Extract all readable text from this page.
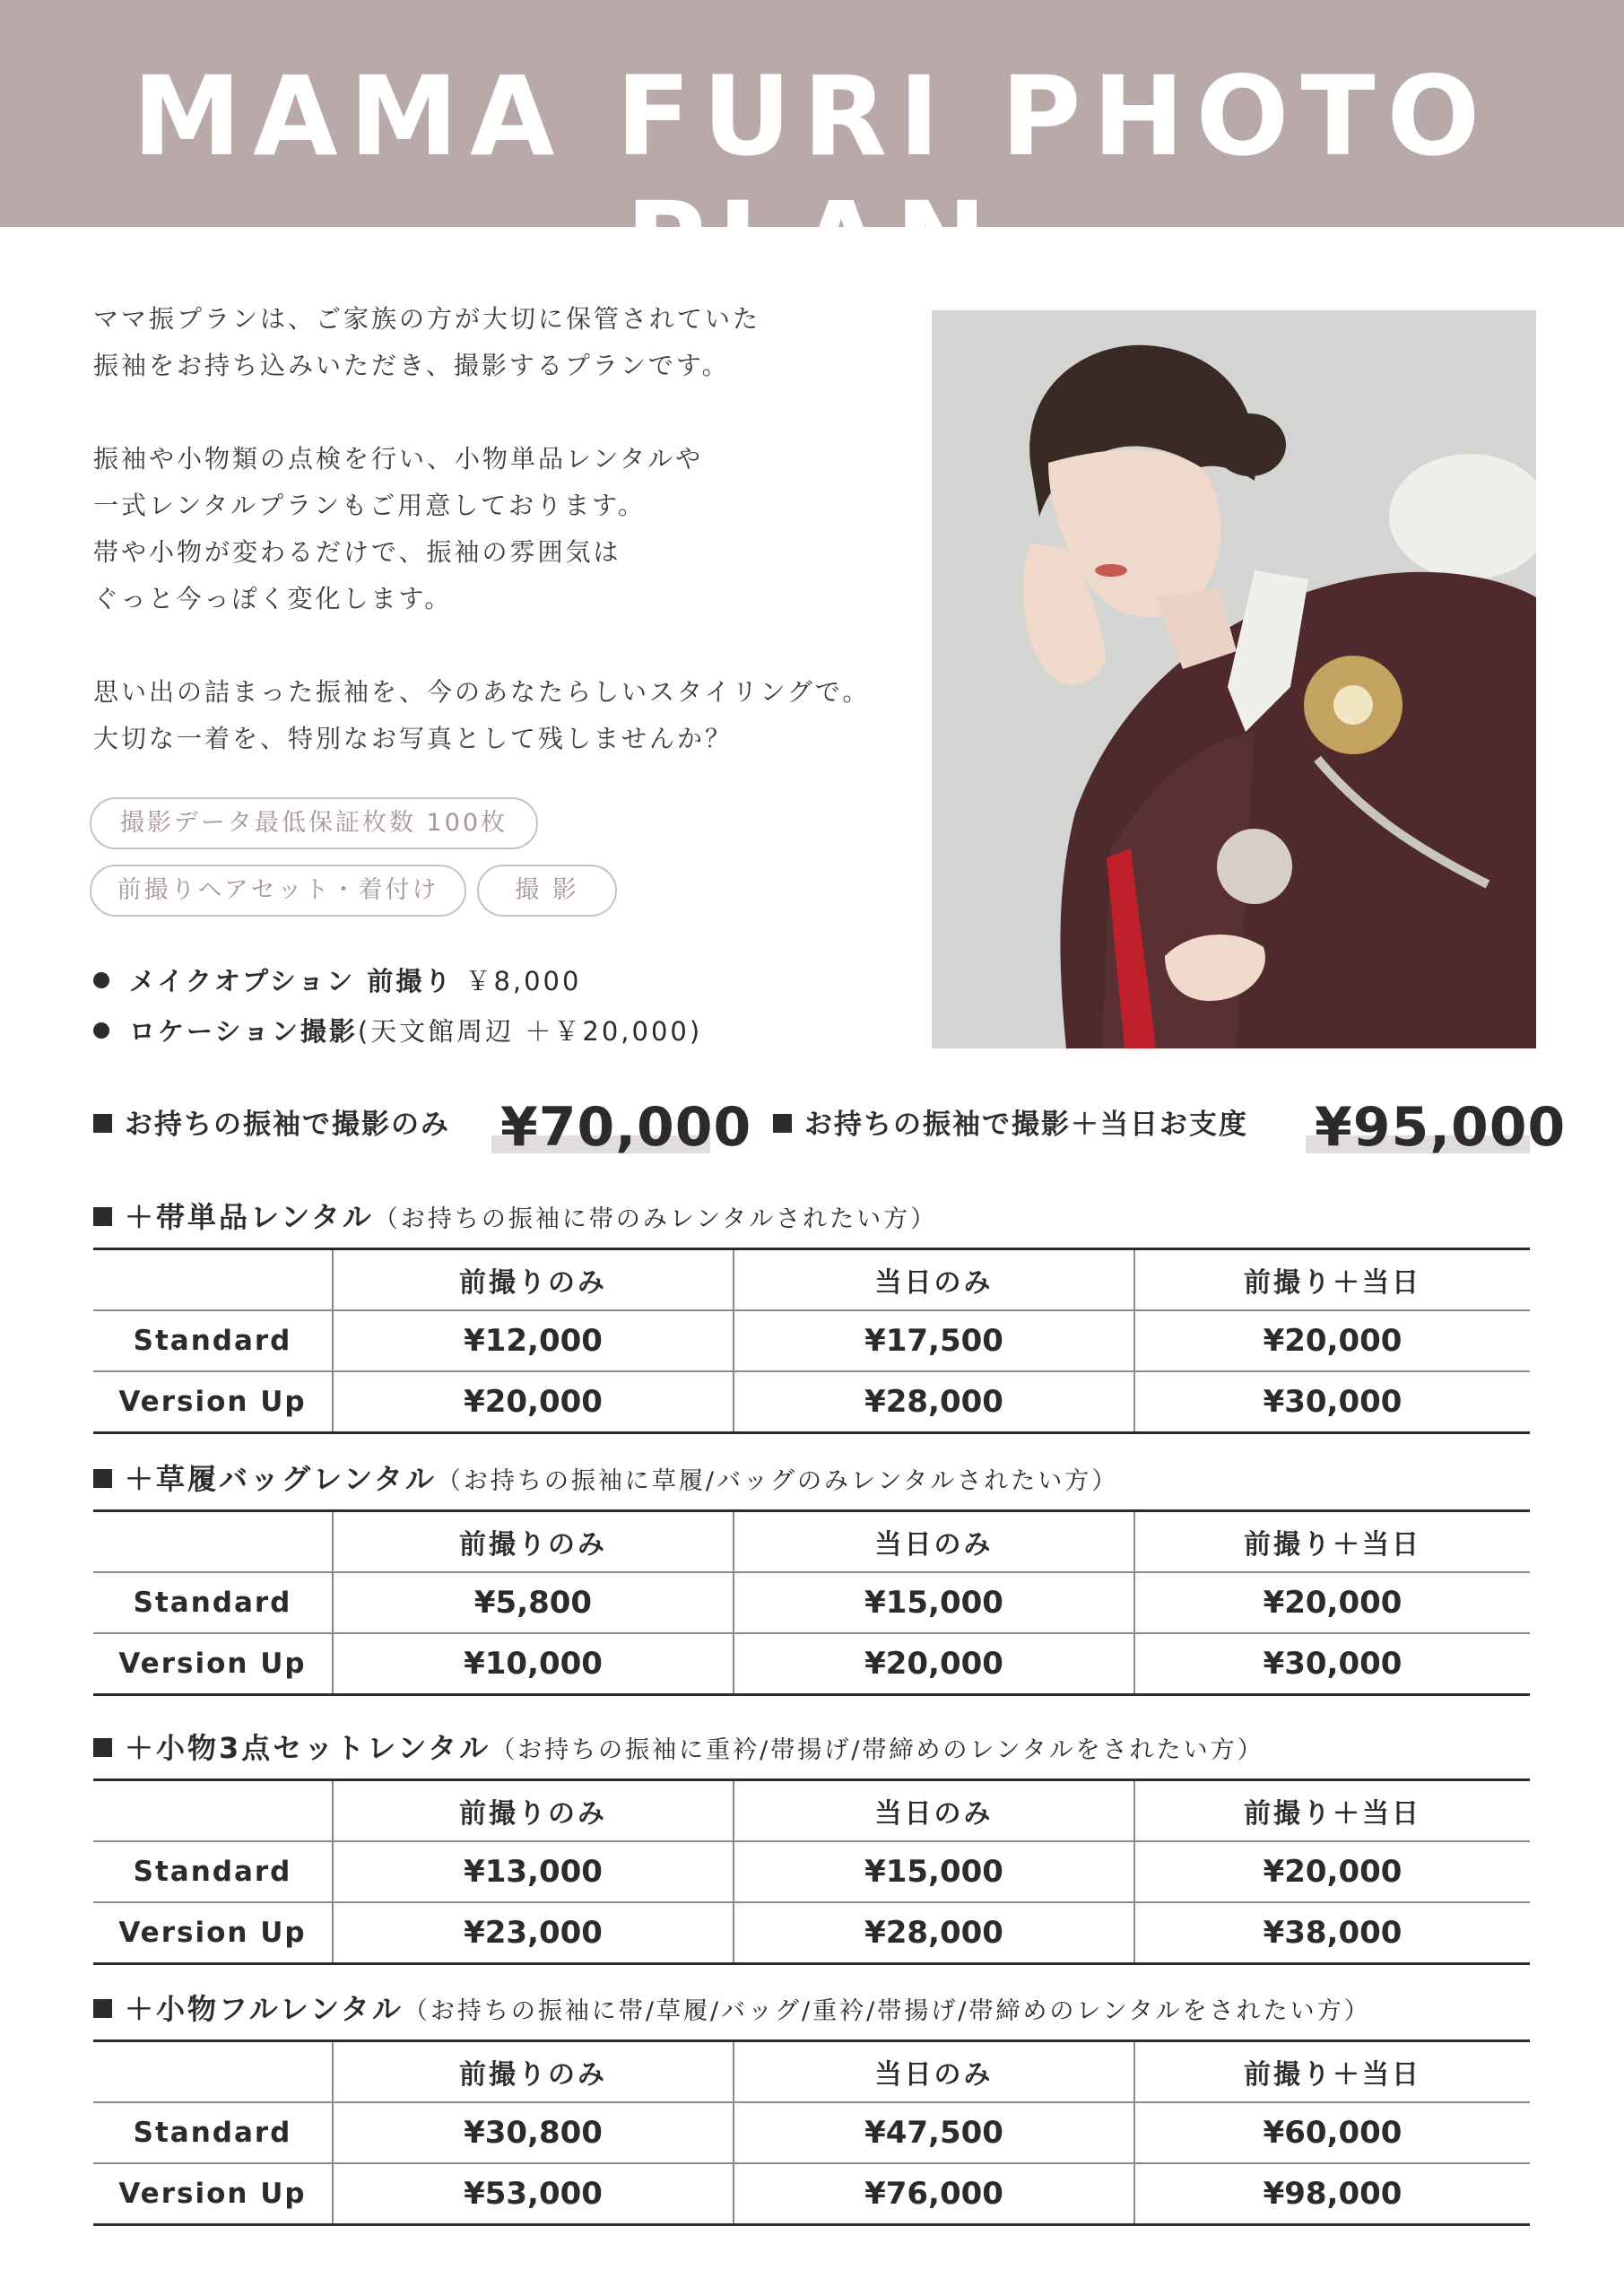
MAMA FURI PHOTO PLAN

ママ振プランは、ご家族の方が大切に保管されていた

振袖をお持ち込みいただき、撮影するプランです。

振袖や小物類の点検を行い、小物単品レンタルや

一式レンタルプランもご用意しております。

帯や小物が変わるだけで、振袖の雰囲気は

ぐっと今っぽく変化します。

思い出の詰まった振袖を、今のあなたらしいスタイリングで。

大切な一着を、特別なお写真として残しませんか？

撮影データ最低保証枚数 100枚
前撮りヘアセット・着付け	撮 影
メイクオプション 前撮り ￥8,000
ロケーション撮影(天文館周辺 ＋￥20,000)
お持ちの振袖で撮影のみ ¥70,000	お持ちの振袖で撮影＋当日お支度 ¥95,000
＋帯単品レンタル（お持ちの振袖に帯のみレンタルされたい方）
	前撮りのみ	当日のみ	前撮り＋当日
Standard	¥12,000	¥17,500	¥20,000
Version Up	¥20,000	¥28,000	¥30,000
＋草履バッグレンタル（お持ちの振袖に草履/バッグのみレンタルされたい方）
	前撮りのみ	当日のみ	前撮り＋当日
Standard	¥5,800	¥15,000	¥20,000
Version Up	¥10,000	¥20,000	¥30,000
＋小物3点セットレンタル（お持ちの振袖に重衿/帯揚げ/帯締めのレンタルをされたい方）
	前撮りのみ	当日のみ	前撮り＋当日
Standard	¥13,000	¥15,000	¥20,000
Version Up	¥23,000	¥28,000	¥38,000
＋小物フルレンタル（お持ちの振袖に帯/草履/バッグ/重衿/帯揚げ/帯締めのレンタルをされたい方）
	前撮りのみ	当日のみ	前撮り＋当日
Standard	¥30,800	¥47,500	¥60,000
Version Up	¥53,000	¥76,000	¥98,000
